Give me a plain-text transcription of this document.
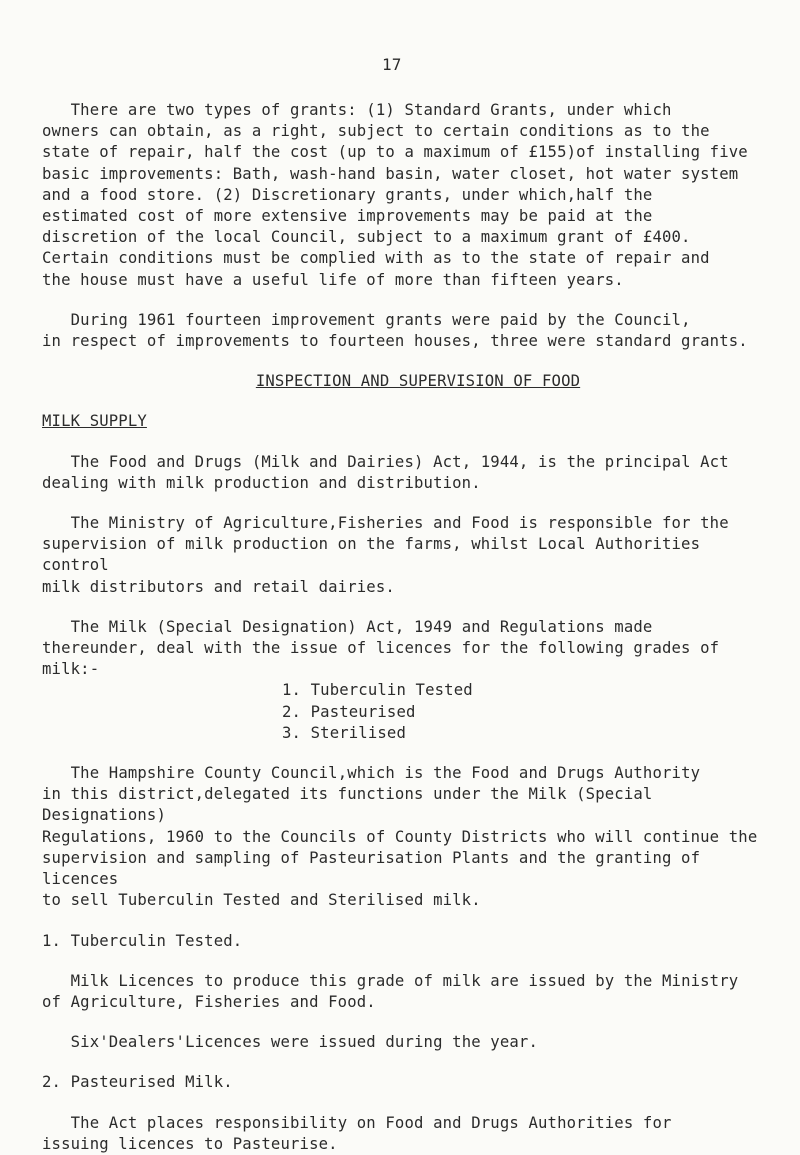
17

There are two types of grants: (1) Standard Grants, under which
owners can obtain, as a right, subject to certain conditions as to the
state of repair, half the cost (up to a maximum of £155)of installing five
basic improvements: Bath, wash-hand basin, water closet, hot water system
and a food store. (2) Discretionary grants, under which,half the
estimated cost of more extensive improvements may be paid at the
discretion of the local Council, subject to a maximum grant of £400.
Certain conditions must be complied with as to the state of repair and
the house must have a useful life of more than fifteen years.

During 1961 fourteen improvement grants were paid by the Council,
in respect of improvements to fourteen houses, three were standard grants.

INSPECTION AND SUPERVISION OF FOOD

MILK SUPPLY

The Food and Drugs (Milk and Dairies) Act, 1944, is the principal Act
dealing with milk production and distribution.

The Ministry of Agriculture,Fisheries and Food is responsible for the
supervision of milk production on the farms, whilst Local Authorities control
milk distributors and retail dairies.

The Milk (Special Designation) Act, 1949 and Regulations made
thereunder, deal with the issue of licences for the following grades of
milk:-

1. Tuberculin Tested
2. Pasteurised
3. Sterilised

The Hampshire County Council,which is the Food and Drugs Authority
in this district,delegated its functions under the Milk (Special Designations)
Regulations, 1960 to the Councils of County Districts who will continue the
supervision and sampling of Pasteurisation Plants and the granting of licences
to sell Tuberculin Tested and Sterilised milk.

1. Tuberculin Tested.

Milk Licences to produce this grade of milk are issued by the Ministry
of Agriculture, Fisheries and Food.

Six'Dealers'Licences were issued during the year.

2. Pasteurised Milk.

The Act places responsibility on Food and Drugs Authorities for
issuing licences to Pasteurise.
